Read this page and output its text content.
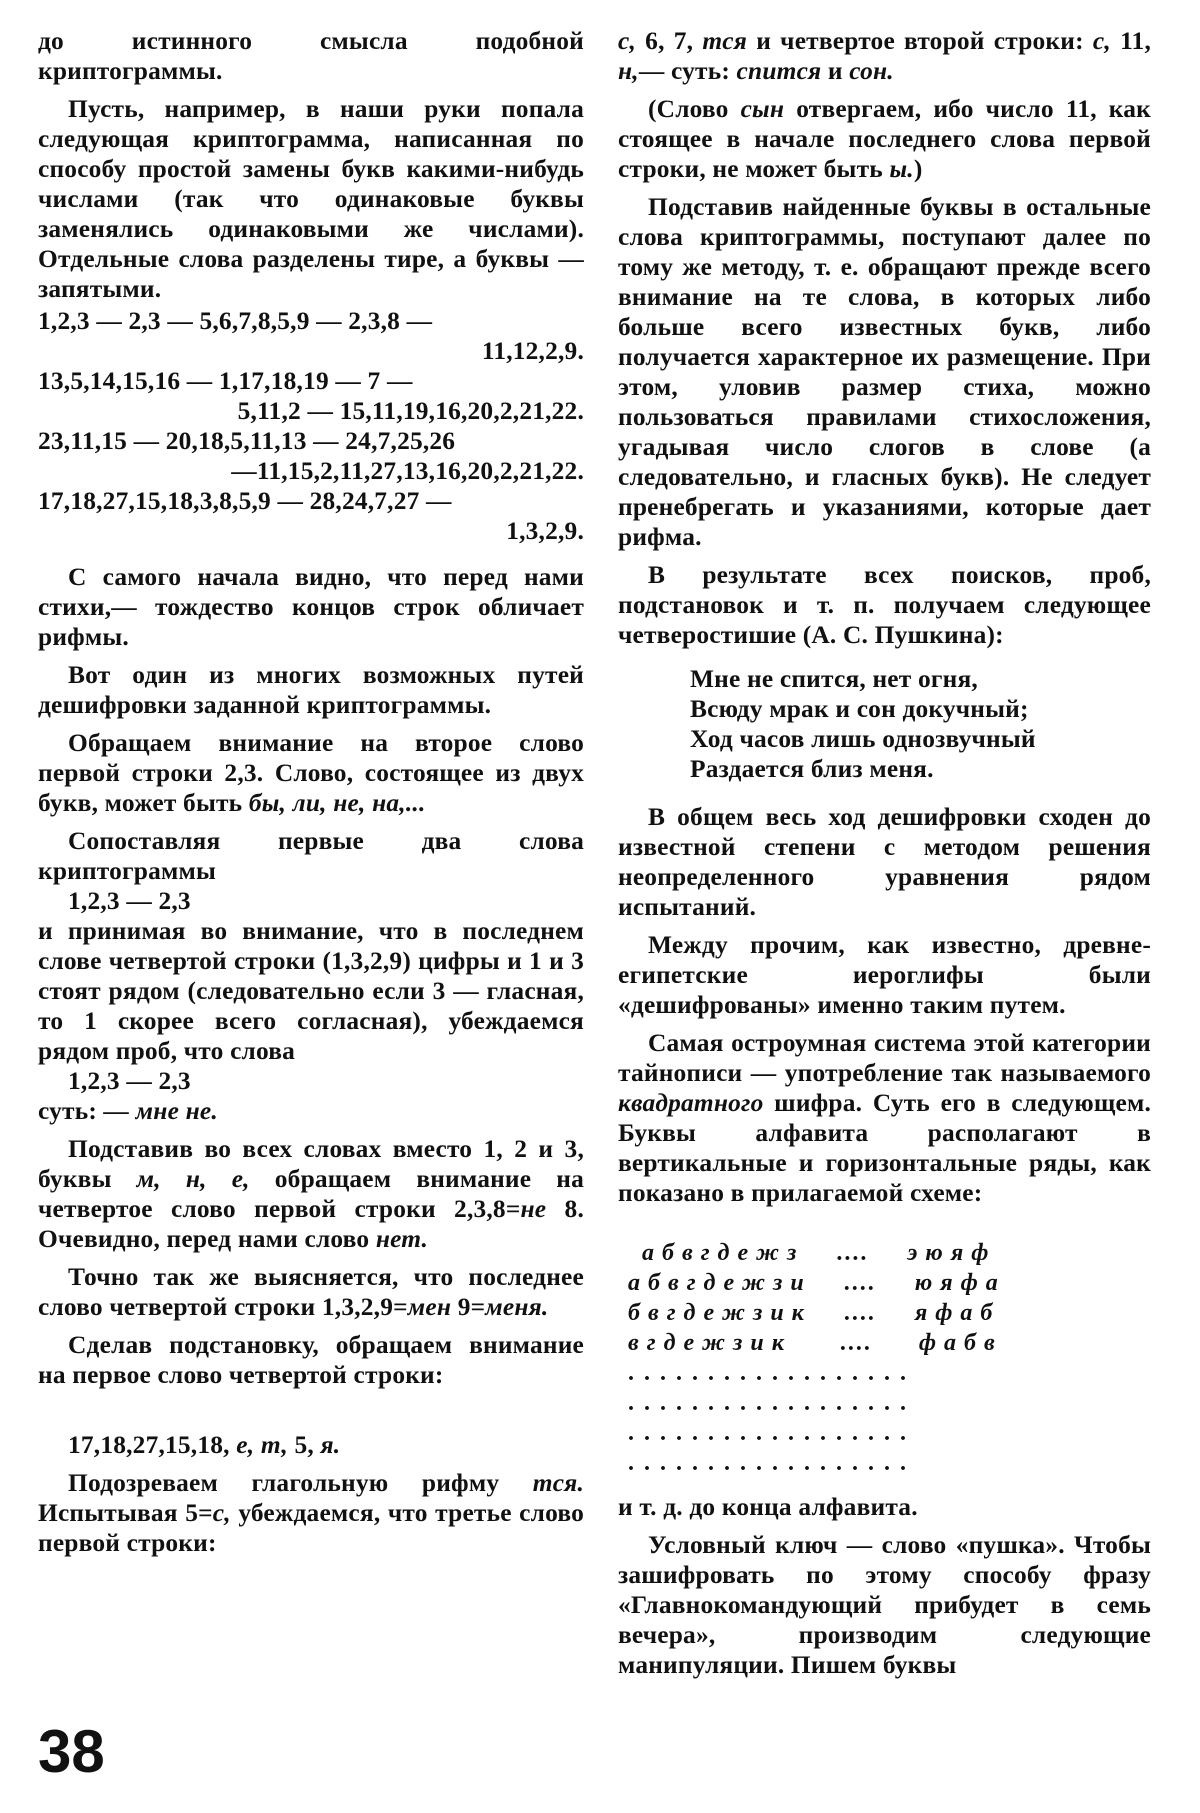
до истинного смысла подобной криптограммы.

Пусть, например, в наши руки попала следующая криптограмма, написанная по способу простой замены букв какими-нибудь числами (так что одинаковые буквы заменялись одинаковыми же числами). Отдельные слова разделены тире, а буквы — запятыми.

1,2,3 — 2,3 — 5,6,7,8,5,9 — 2,3,8 —
11,12,2,9.
13,5,14,15,16 — 1,17,18,19 — 7 —
5,11,2 — 15,11,19,16,20,2,21,22.
23,11,15 — 20,18,5,11,13 — 24,7,25,26
—11,15,2,11,27,13,16,20,2,21,22.
17,18,27,15,18,3,8,5,9 — 28,24,7,27 —
1,3,2,9.

С самого начала видно, что перед нами стихи,— тождество концов строк обличает рифмы.

Вот один из многих возможных путей дешифровки заданной криптограммы.

Обращаем внимание на второе слово первой строки 2,3. Слово, состоящее из двух букв, может быть бы, ли, не, на,...

Сопоставляя первые два слова криптограммы

1,2,3 — 2,3

и принимая во внимание, что в последнем слове четвертой строки (1,3,2,9) цифры и 1 и 3 стоят рядом (следовательно если 3 — гласная, то 1 скорее всего согласная), убеждаемся рядом проб, что слова

1,2,3 — 2,3

суть: — мне не.

Подставив во всех словах вместо 1, 2 и 3, буквы м, н, е, обращаем внимание на четвертое слово первой строки 2,3,8=не 8. Очевидно, перед нами слово нет.

Точно так же выясняется, что последнее слово четвертой строки 1,3,2,9=мен 9=меня.

Сделав подстановку, обращаем внимание на первое слово четвертой строки:

17,18,27,15,18, е, т, 5, я.

Подозреваем глагольную рифму тся. Испытывая 5=с, убеждаемся, что третье слово первой строки:

с, 6, 7, тся и четвертое второй строки: с, 11, н,— суть: спится и сон.

(Слово сын отвергаем, ибо число 11, как стоящее в начале последнего слова первой строки, не может быть ы.)

Подставив найденные буквы в остальные слова криптограммы, поступают далее по тому же методу, т. е. обращают прежде всего внимание на те слова, в которых либо больше всего известных букв, либо получается характерное их размещение. При этом, уловив размер стиха, можно пользоваться правилами стихосложения, угадывая число слогов в слове (а следовательно, и гласных букв). Не следует пренебрегать и указаниями, которые дает рифма.

В результате всех поисков, проб, подстановок и т. п. получаем следующее четверостишие (А. С. Пушкина):

Мне не спится, нет огня,
Всюду мрак и сон докучный;
Ход часов лишь однозвучный
Раздается близ меня.

В общем весь ход дешифровки сходен до известной степени с методом решения неопределенного уравнения рядом испытаний.

Между прочим, как известно, древне-египетские иероглифы были «дешифрованы» именно таким путем.

Самая остроумная система этой категории тайнописи — употребление так называемого квадратного шифра. Суть его в следующем. Буквы алфавита располагают в вертикальные и горизонтальные ряды, как показано в прилагаемой схеме:

а б в г д е ж з .... э ю я ф
а б в г д е ж з и .... ю я ф а
б в г д е ж з и к .... я ф а б
в г д е ж з и к .... ф а б в
. . . . . . . . . . . . . . . . . .
. . . . . . . . . . . . . . . . . .
. . . . . . . . . . . . . . . . . .
. . . . . . . . . . . . . . . . . .

и т. д. до конца алфавита.

Условный ключ — слово «пушка». Чтобы зашифровать по этому способу фразу «Главнокомандующий прибудет в семь вечера», производим следующие манипуляции. Пишем буквы

38
